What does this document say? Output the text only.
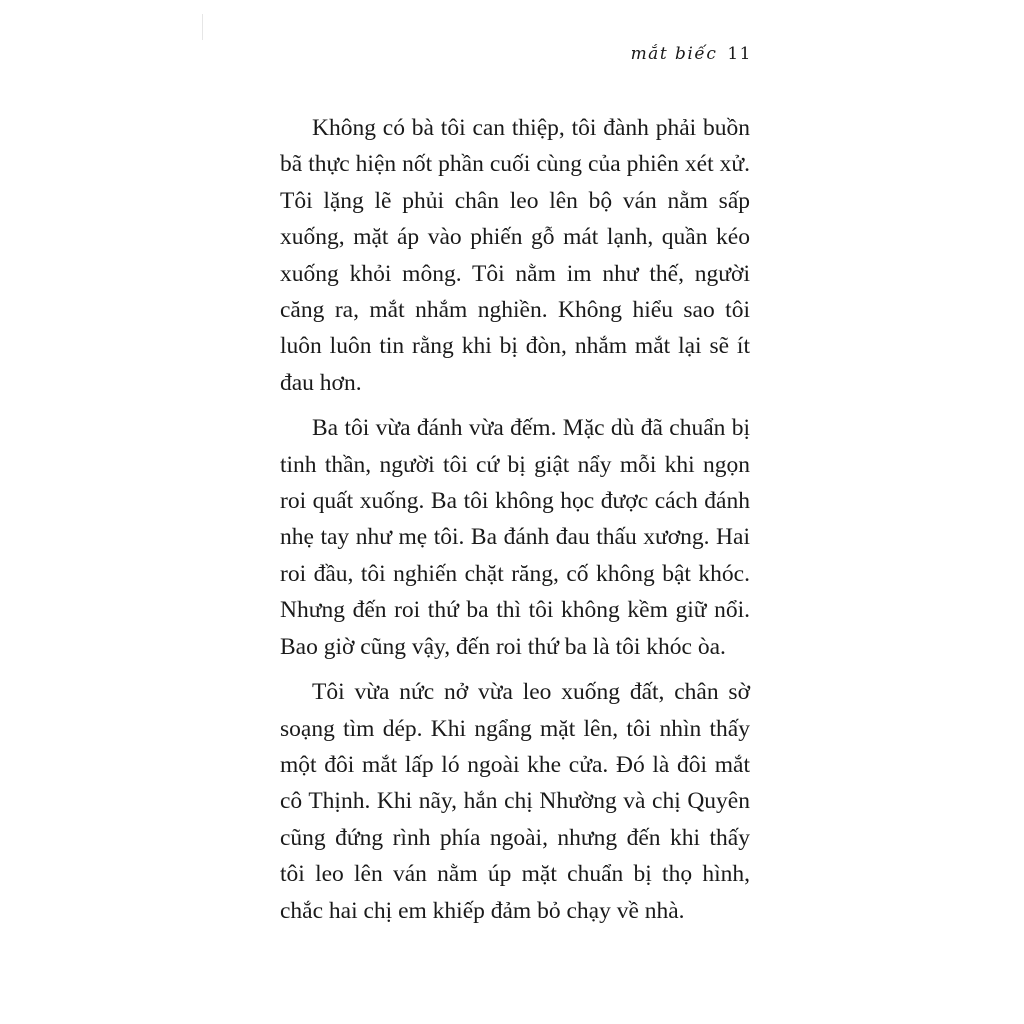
mắt biếc 11

Không có bà tôi can thiệp, tôi đành phải buồn bã thực hiện nốt phần cuối cùng của phiên xét xử. Tôi lặng lẽ phủi chân leo lên bộ ván nằm sấp xuống, mặt áp vào phiến gỗ mát lạnh, quần kéo xuống khỏi mông. Tôi nằm im như thế, người căng ra, mắt nhắm nghiền. Không hiểu sao tôi luôn luôn tin rằng khi bị đòn, nhắm mắt lại sẽ ít đau hơn.

Ba tôi vừa đánh vừa đếm. Mặc dù đã chuẩn bị tinh thần, người tôi cứ bị giật nẩy mỗi khi ngọn roi quất xuống. Ba tôi không học được cách đánh nhẹ tay như mẹ tôi. Ba đánh đau thấu xương. Hai roi đầu, tôi nghiến chặt răng, cố không bật khóc. Nhưng đến roi thứ ba thì tôi không kềm giữ nổi. Bao giờ cũng vậy, đến roi thứ ba là tôi khóc òa.

Tôi vừa nức nở vừa leo xuống đất, chân sờ soạng tìm dép. Khi ngẩng mặt lên, tôi nhìn thấy một đôi mắt lấp ló ngoài khe cửa. Đó là đôi mắt cô Thịnh. Khi nãy, hắn chị Nhường và chị Quyên cũng đứng rình phía ngoài, nhưng đến khi thấy tôi leo lên ván nằm úp mặt chuẩn bị thọ hình, chắc hai chị em khiếp đảm bỏ chạy về nhà.
